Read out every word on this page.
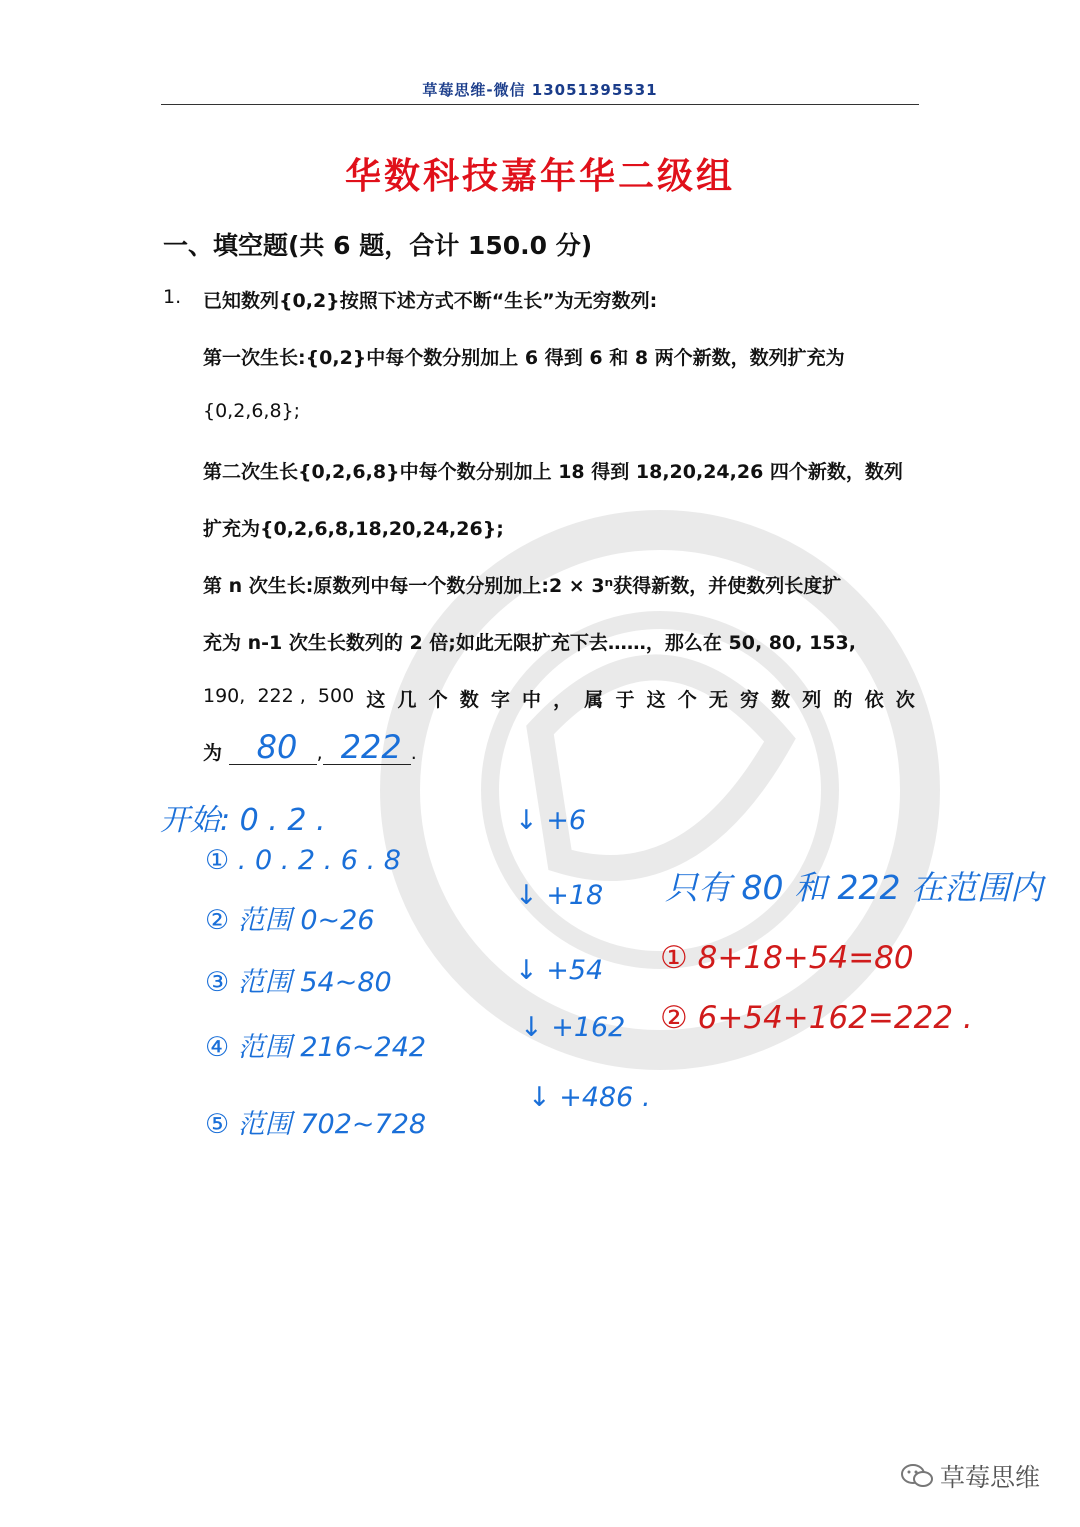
草莓思维-微信 13051395531
华数科技嘉年华二级组
一、填空题(共 6 题，合计 150.0 分)
1. 已知数列{0,2}按照下述方式不断“生长”为无穷数列:
第一次生长:{0,2}中每个数分别加上 6 得到 6 和 8 两个新数，数列扩充为
{0,2,6,8};
第二次生长{0,2,6,8}中每个数分别加上 18 得到 18,20,24,26 四个新数，数列
扩充为{0,2,6,8,18,20,24,26};
第 n 次生长:原数列中每一个数分别加上:2 × 3ⁿ获得新数，并使数列长度扩
充为 n-1 次生长数列的 2 倍;如此无限扩充下去……，那么在 50, 80, 153,
190, 222 , 500 这 几 个 数 字 中 ， 属 于 这 个 无 穷 数 列 的 依 次
为 80 , 222 .
开始: 0 . 2 .
① . 0 . 2 . 6 . 8
② 范围 0~26
③ 范围 54~80
④ 范围 216~242
⑤ 范围 702~728
↓ +6
↓ +18
↓ +54
↓ +162
↓ +486 .
只有 80 和 222 在范围内
① 8+18+54=80
② 6+54+162=222 .
草莓思维
